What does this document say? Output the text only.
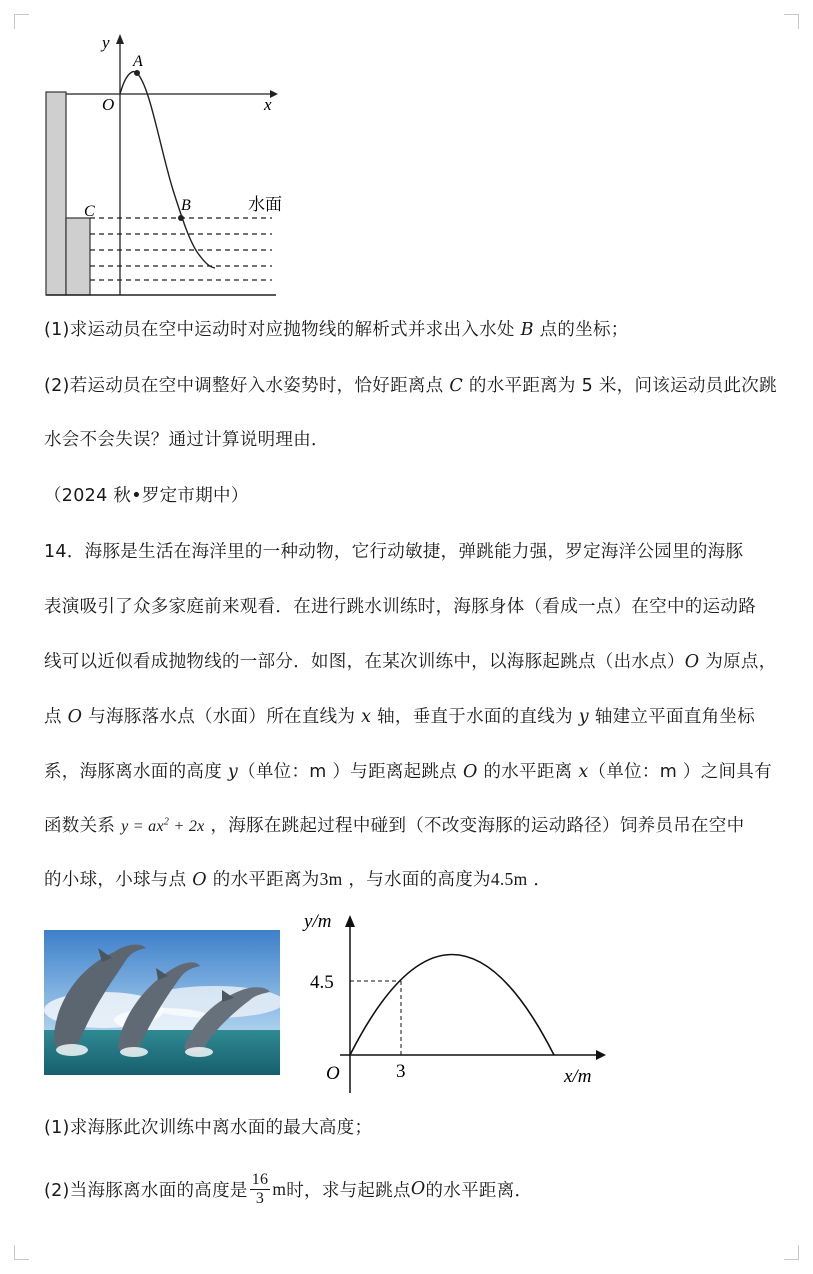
y
x
O
A
B
C	水面
(1)求运动员在空中运动时对应抛物线的解析式并求出入水处 B 点的坐标；
(2)若运动员在空中调整好入水姿势时，恰好距离点 C 的水平距离为 5 米，问该运动员此次跳
水会不会失误？通过计算说明理由．
（2024 秋•罗定市期中）
14．海豚是生活在海洋里的一种动物，它行动敏捷，弹跳能力强，罗定海洋公园里的海豚
表演吸引了众多家庭前来观看．在进行跳水训练时，海豚身体（看成一点）在空中的运动路
线可以近似看成抛物线的一部分．如图，在某次训练中，以海豚起跳点（出水点）O 为原点，
点 O 与海豚落水点（水面）所在直线为 x 轴，垂直于水面的直线为 y 轴建立平面直角坐标
系，海豚离水面的高度 y（单位：m ）与距离起跳点 O 的水平距离 x（单位：m ）之间具有
函数关系 $y = ax^2 + 2x$ ，海豚在跳起过程中碰到（不改变海豚的运动路径）饲养员吊在空中
的小球，小球与点 O 的水平距离为3m ，与水面的高度为4.5m ．
y/m
x/m
O
4.5
3
(1)求海豚此次训练中离水面的最大高度；
(2)当海豚离水面的高度是 $\frac{16}{3}$ m 时，求与起跳点 O 的水平距离．
